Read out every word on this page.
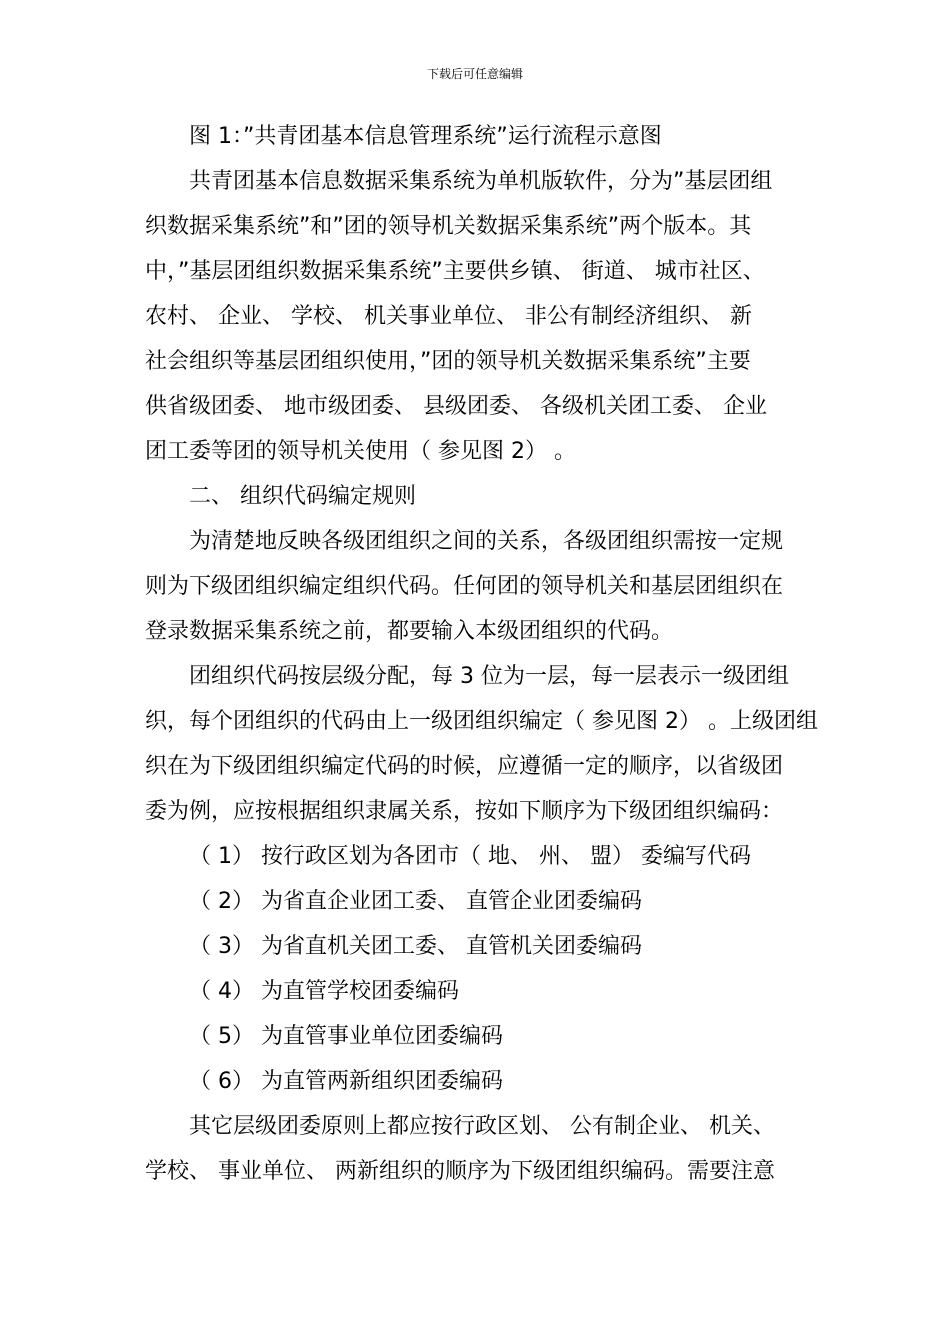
下载后可任意编辑
图 1：”共青团基本信息管理系统”运行流程示意图
共青团基本信息数据采集系统为单机版软件，分为”基层团组
织数据采集系统”和”团的领导机关数据采集系统”两个版本。其
中，”基层团组织数据采集系统”主要供乡镇、 街道、 城市社区、
农村、 企业、 学校、 机关事业单位、 非公有制经济组织、 新
社会组织等基层团组织使用，”团的领导机关数据采集系统”主要
供省级团委、 地市级团委、 县级团委、 各级机关团工委、 企业
团工委等团的领导机关使用（ 参见图 2） 。
二、 组织代码编定规则
为清楚地反映各级团组织之间的关系，各级团组织需按一定规
则为下级团组织编定组织代码。任何团的领导机关和基层团组织在
登录数据采集系统之前，都要输入本级团组织的代码。
团组织代码按层级分配，每 3 位为一层，每一层表示一级团组
织，每个团组织的代码由上一级团组织编定（ 参见图 2） 。上级团组
织在为下级团组织编定代码的时候，应遵循一定的顺序，以省级团
委为例，应按根据组织隶属关系，按如下顺序为下级团组织编码：
（ 1） 按行政区划为各团市（ 地、 州、 盟） 委编写代码
（ 2） 为省直企业团工委、 直管企业团委编码
（ 3） 为省直机关团工委、 直管机关团委编码
（ 4） 为直管学校团委编码
（ 5） 为直管事业单位团委编码
（ 6） 为直管两新组织团委编码
其它层级团委原则上都应按行政区划、 公有制企业、 机关、
学校、 事业单位、 两新组织的顺序为下级团组织编码。需要注意
